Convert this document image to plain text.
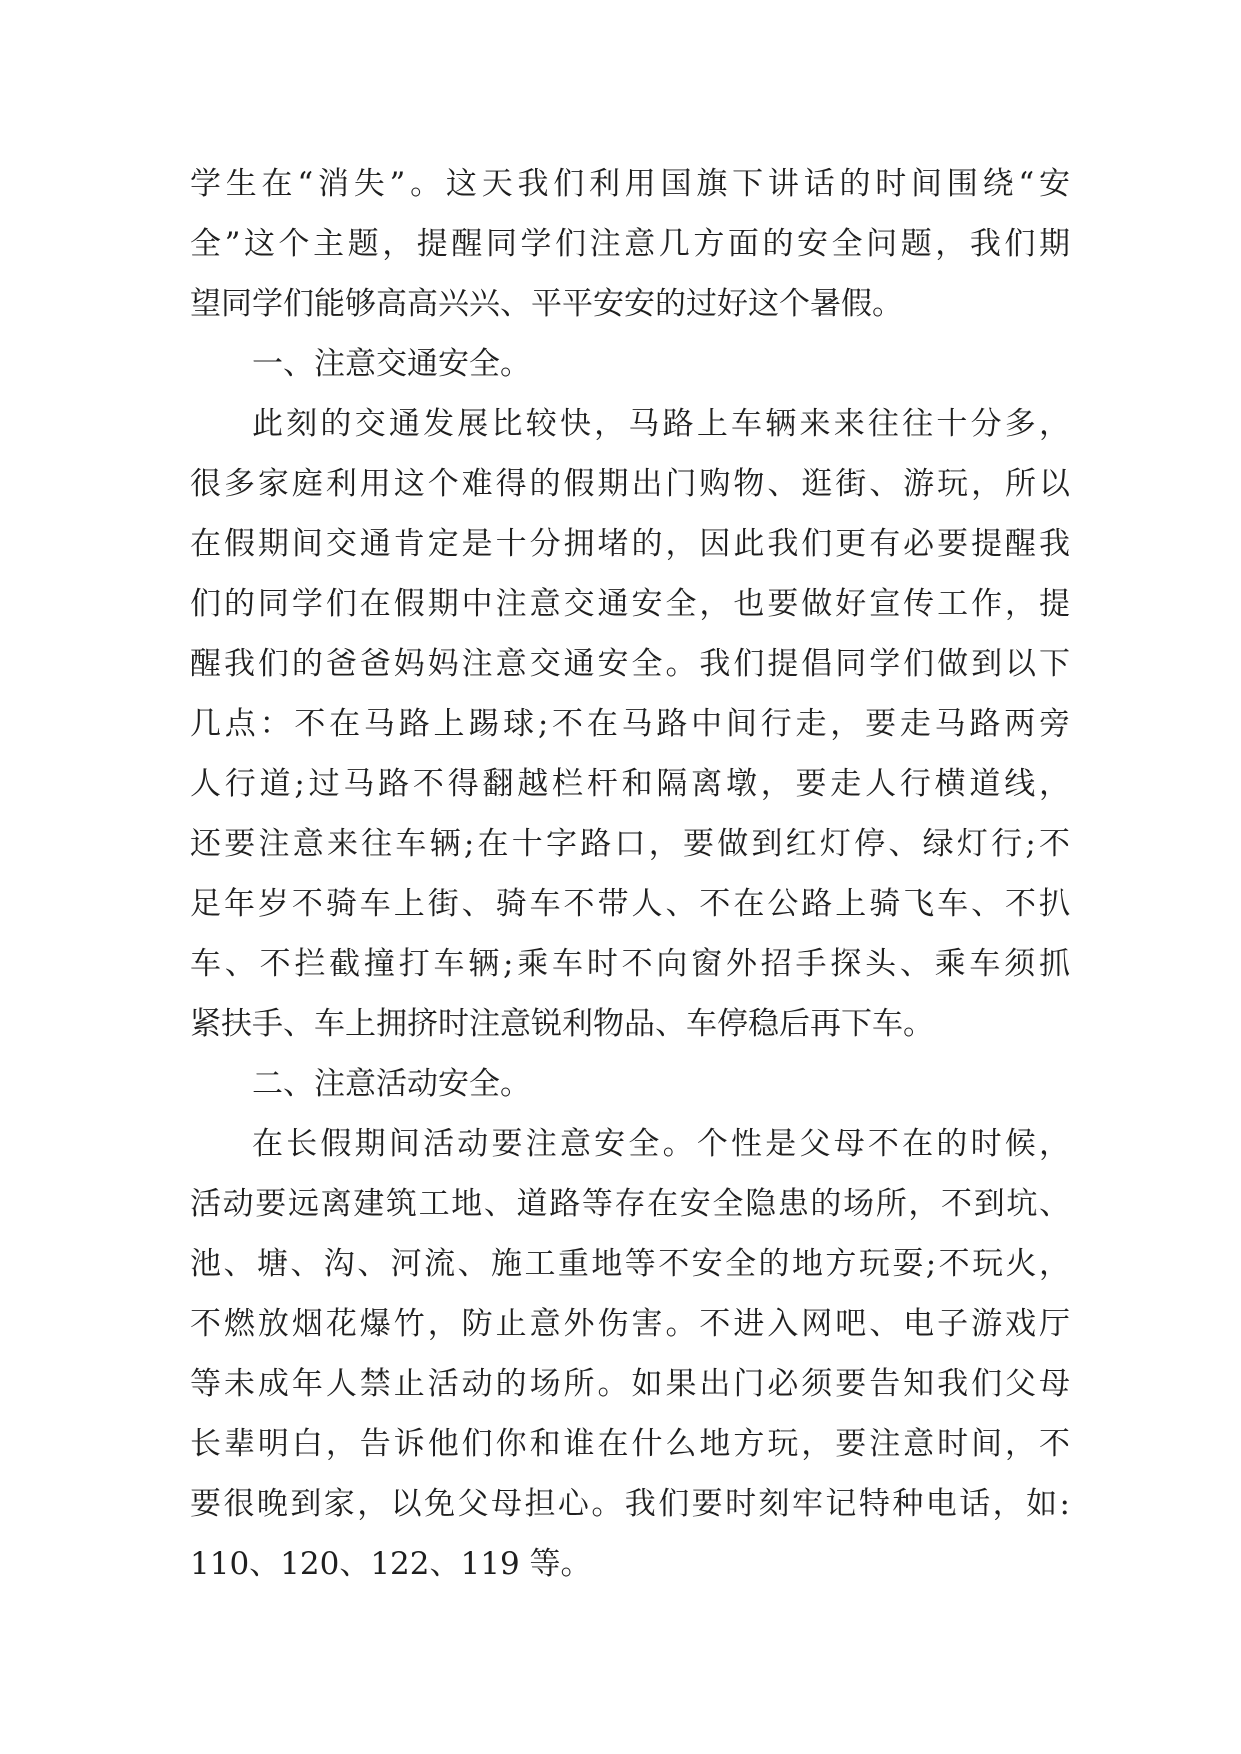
学生在“消失”。这天我们利用国旗下讲话的时间围绕“安
全”这个主题，提醒同学们注意几方面的安全问题，我们期
望同学们能够高高兴兴、平平安安的过好这个暑假。
一、注意交通安全。
此刻的交通发展比较快，马路上车辆来来往往十分多，
很多家庭利用这个难得的假期出门购物、逛街、游玩，所以
在假期间交通肯定是十分拥堵的，因此我们更有必要提醒我
们的同学们在假期中注意交通安全，也要做好宣传工作，提
醒我们的爸爸妈妈注意交通安全。我们提倡同学们做到以下
几点：不在马路上踢球;不在马路中间行走，要走马路两旁
人行道;过马路不得翻越栏杆和隔离墩，要走人行横道线，
还要注意来往车辆;在十字路口，要做到红灯停、绿灯行;不
足年岁不骑车上街、骑车不带人、不在公路上骑飞车、不扒
车、不拦截撞打车辆;乘车时不向窗外招手探头、乘车须抓
紧扶手、车上拥挤时注意锐利物品、车停稳后再下车。
二、注意活动安全。
在长假期间活动要注意安全。个性是父母不在的时候，
活动要远离建筑工地、道路等存在安全隐患的场所，不到坑、
池、塘、沟、河流、施工重地等不安全的地方玩耍;不玩火，
不燃放烟花爆竹，防止意外伤害。不进入网吧、电子游戏厅
等未成年人禁止活动的场所。如果出门必须要告知我们父母
长辈明白，告诉他们你和谁在什么地方玩，要注意时间，不
要很晚到家，以免父母担心。我们要时刻牢记特种电话，如:
110、120、122、119 等。
